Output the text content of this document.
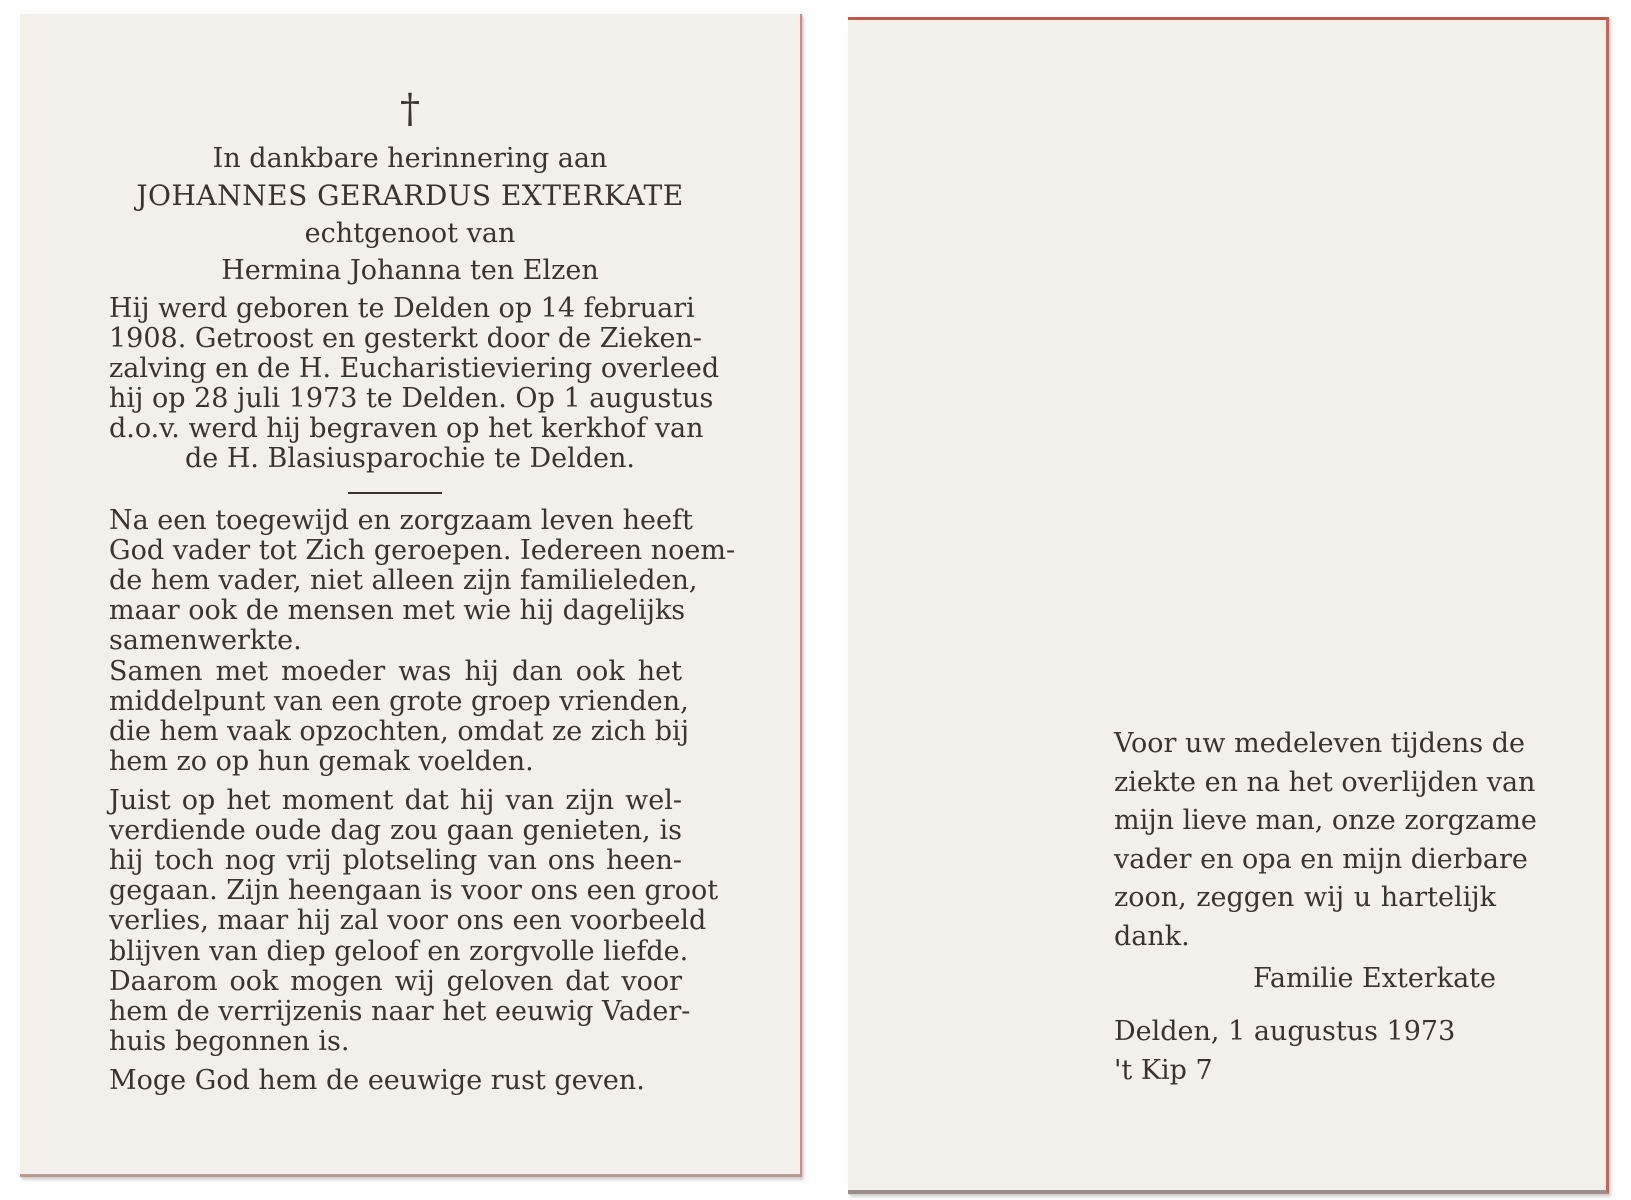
†
In dankbare herinnering aan
JOHANNES GERARDUS EXTERKATE
echtgenoot van
Hermina Johanna ten Elzen
Hij werd geboren te Delden op 14 februari
1908. Getroost en gesterkt door de Zieken-
zalving en de H. Eucharistieviering overleed
hij op 28 juli 1973 te Delden. Op 1 augustus
d.o.v. werd hij begraven op het kerkhof van
de H. Blasiusparochie te Delden.
Na een toegewijd en zorgzaam leven heeft
God vader tot Zich geroepen. Iedereen noem-
de hem vader, niet alleen zijn familieleden,
maar ook de mensen met wie hij dagelijks
samenwerkte.
Samen met moeder was hij dan ook het
middelpunt van een grote groep vrienden,
die hem vaak opzochten, omdat ze zich bij
hem zo op hun gemak voelden.
Juist op het moment dat hij van zijn wel-
verdiende oude dag zou gaan genieten, is
hij toch nog vrij plotseling van ons heen-
gegaan. Zijn heengaan is voor ons een groot
verlies, maar hij zal voor ons een voorbeeld
blijven van diep geloof en zorgvolle liefde.
Daarom ook mogen wij geloven dat voor
hem de verrijzenis naar het eeuwig Vader-
huis begonnen is.
Moge God hem de eeuwige rust geven.
Voor uw medeleven tijdens de
ziekte en na het overlijden van
mijn lieve man, onze zorgzame
vader en opa en mijn dierbare
zoon, zeggen wij u hartelijk
dank.
Familie Exterkate
Delden, 1 augustus 1973
't Kip 7
